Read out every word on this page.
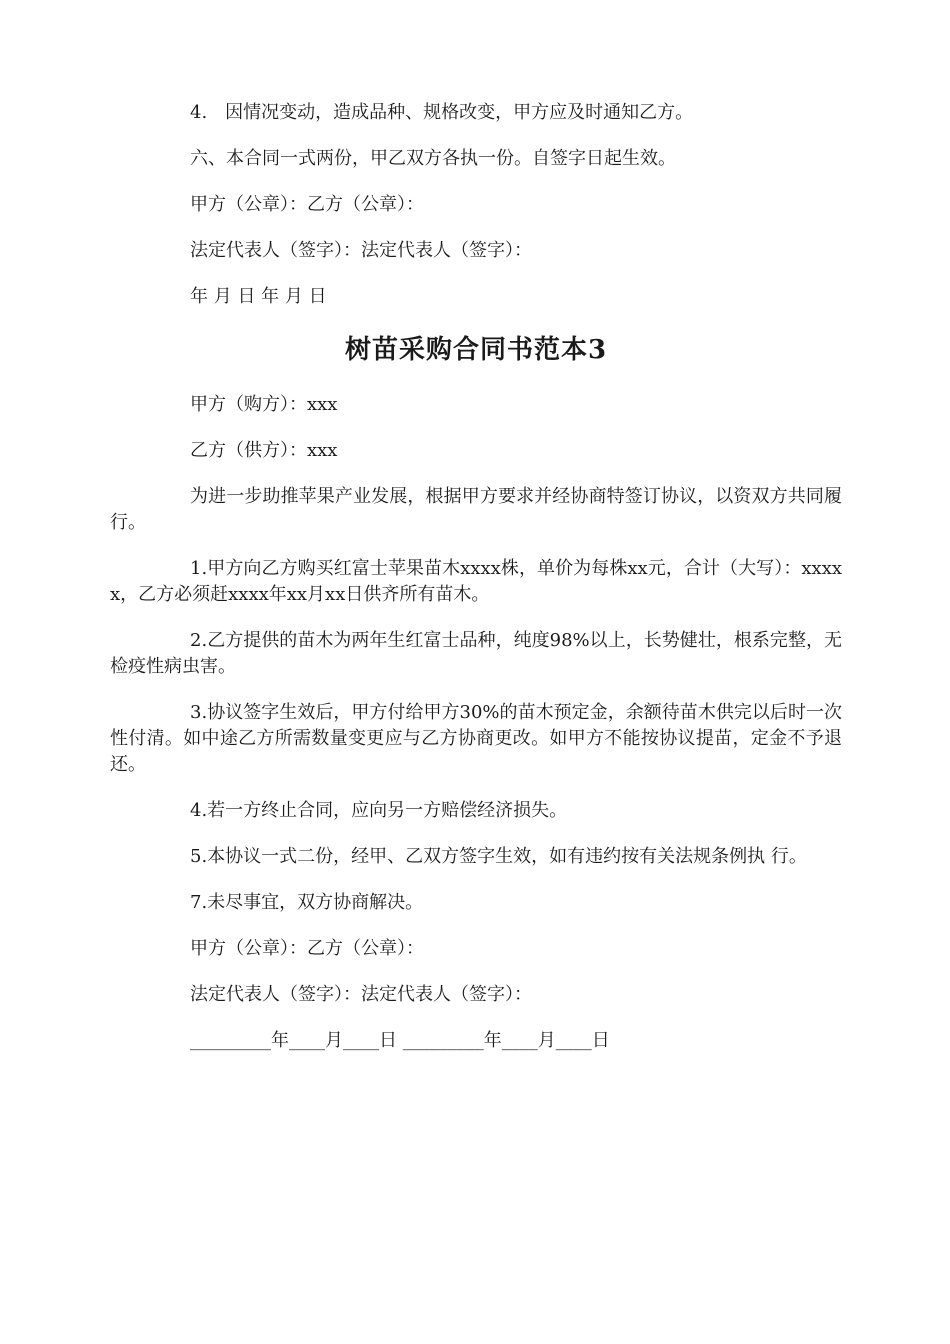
4.　因情况变动，造成品种、规格改变，甲方应及时通知乙方。

六、本合同一式两份，甲乙双方各执一份。自签字日起生效。

甲方（公章）：乙方（公章）：

法定代表人（签字）：法定代表人（签字）：

年 月 日 年 月 日

树苗采购合同书范本3

甲方（购方）：xxx

乙方（供方）：xxx

为进一步助推苹果产业发展，根据甲方要求并经协商特签订协议，以资双方共同履行。

1.甲方向乙方购买红富士苹果苗木xxxx株，单价为每株xx元，合计（大写）：xxxxx，乙方必须赶xxxx年xx月xx日供齐所有苗木。

2.乙方提供的苗木为两年生红富士品种，纯度98%以上，长势健壮，根系完整，无检疫性病虫害。

3.协议签字生效后，甲方付给甲方30%的苗木预定金，余额待苗木供完以后时一次性付清。如中途乙方所需数量变更应与乙方协商更改。如甲方不能按协议提苗，定金不予退还。

4.若一方终止合同，应向另一方赔偿经济损失。

5.本协议一式二份，经甲、乙双方签字生效，如有违约按有关法规条例执 行。

7.未尽事宜，双方协商解决。

甲方（公章）：乙方（公章）：

法定代表人（签字）：法定代表人（签字）：

_________年____月____日 _________年____月____日
